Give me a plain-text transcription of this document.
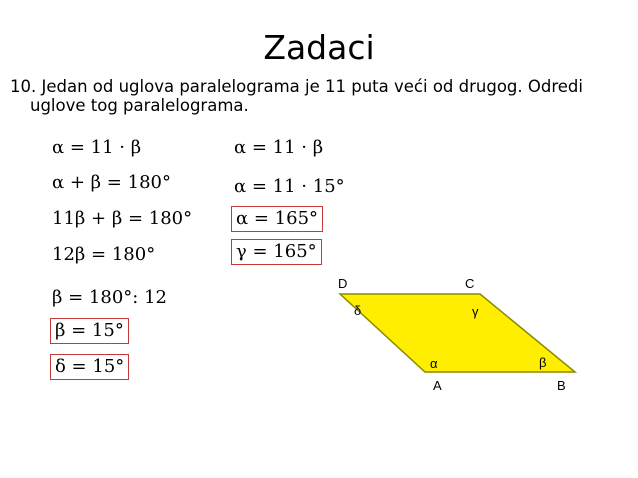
Zadaci
10. Jedan od uglova paralelograma je 11 puta veći od drugog. Odredi
uglove tog paralelograma.
α = 11 · β
α + β = 180°
11β + β = 180°
12β = 180°
β = 180°: 12
β = 15°
δ = 15°
α = 11 · β
α = 11 · 15°
α = 165°
γ = 165°
D	C
A	B
δ	γ
α	β
